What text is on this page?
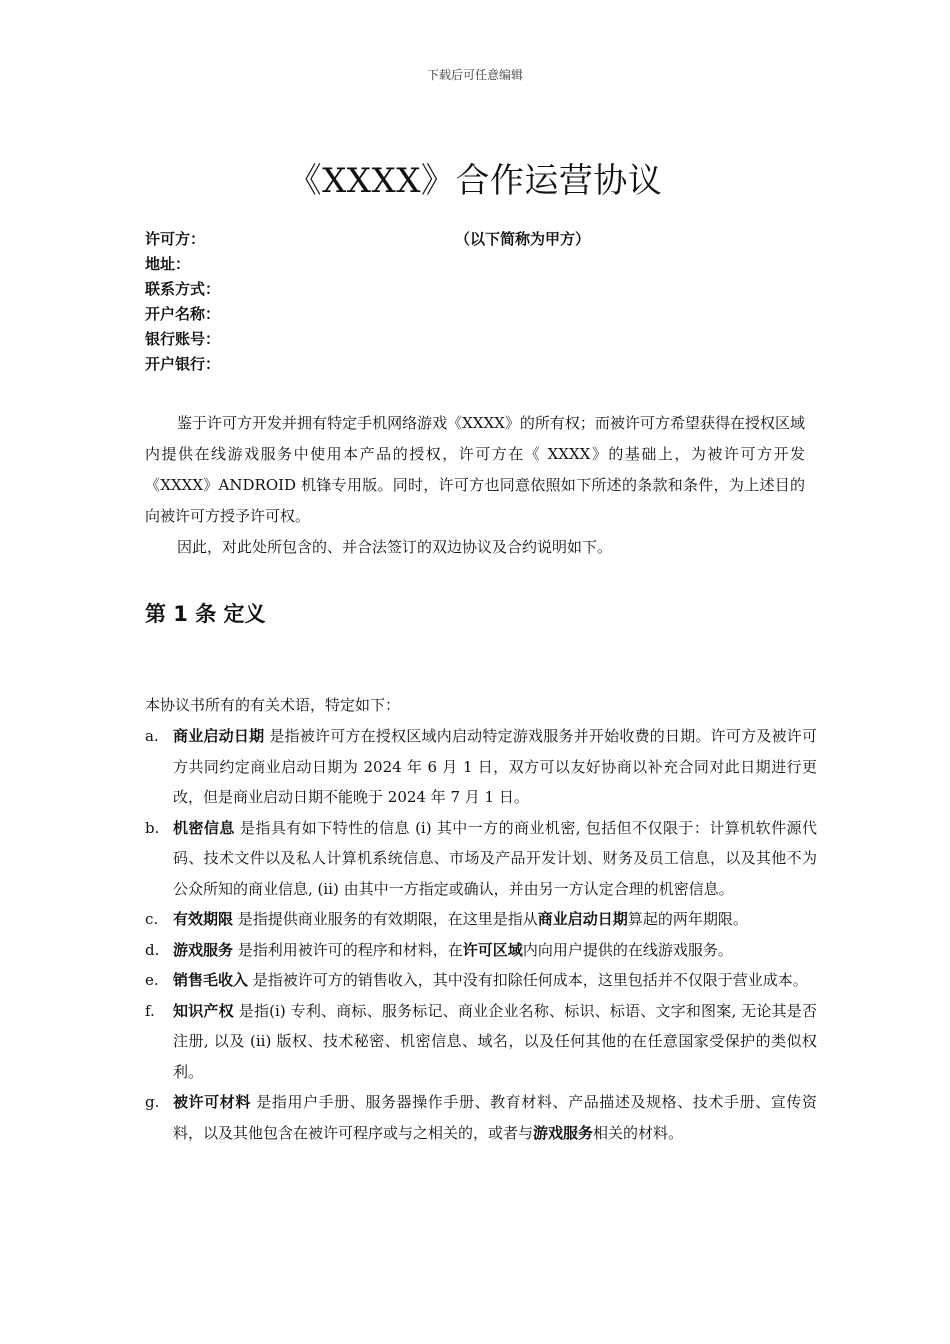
下载后可任意编辑
《XXXX》合作运营协议
许可方：
地址：
联系方式：
开户名称：
银行账号：
开户银行：
（以下简称为甲方）

鉴于许可方开发并拥有特定手机网络游戏《XXXX》的所有权；而被许可方希望获得在授权区域内提供在线游戏服务中使用本产品的授权，许可方在《 XXXX》的基础上，为被许可方开发《XXXX》ANDROID 机锋专用版。同时，许可方也同意依照如下所述的条款和条件，为上述目的向被许可方授予许可权。

因此，对此处所包含的、并合法签订的双边协议及合约说明如下。

第 1 条 定义
本协议书所有的有关术语，特定如下：

a. 商业启动日期 是指被许可方在授权区域内启动特定游戏服务并开始收费的日期。许可方及被许可方共同约定商业启动日期为 2024 年 6 月 1 日，双方可以友好协商以补充合同对此日期进行更改，但是商业启动日期不能晚于 2024 年 7 月 1 日。

b. 机密信息 是指具有如下特性的信息 (i) 其中一方的商业机密, 包括但不仅限于：计算机软件源代码、技术文件以及私人计算机系统信息、市场及产品开发计划、财务及员工信息，以及其他不为公众所知的商业信息, (ii) 由其中一方指定或确认，并由另一方认定合理的机密信息。

c. 有效期限 是指提供商业服务的有效期限，在这里是指从商业启动日期算起的两年期限。

d. 游戏服务 是指利用被许可的程序和材料，在许可区域内向用户提供的在线游戏服务。

e. 销售毛收入 是指被许可方的销售收入，其中没有扣除任何成本，这里包括并不仅限于营业成本。

f. 知识产权 是指(i) 专利、商标、服务标记、商业企业名称、标识、标语、文字和图案, 无论其是否注册, 以及 (ii) 版权、技术秘密、机密信息、域名，以及任何其他的在任意国家受保护的类似权利。

g. 被许可材料 是指用户手册、服务器操作手册、教育材料、产品描述及规格、技术手册、宣传资料，以及其他包含在被许可程序或与之相关的，或者与游戏服务相关的材料。
